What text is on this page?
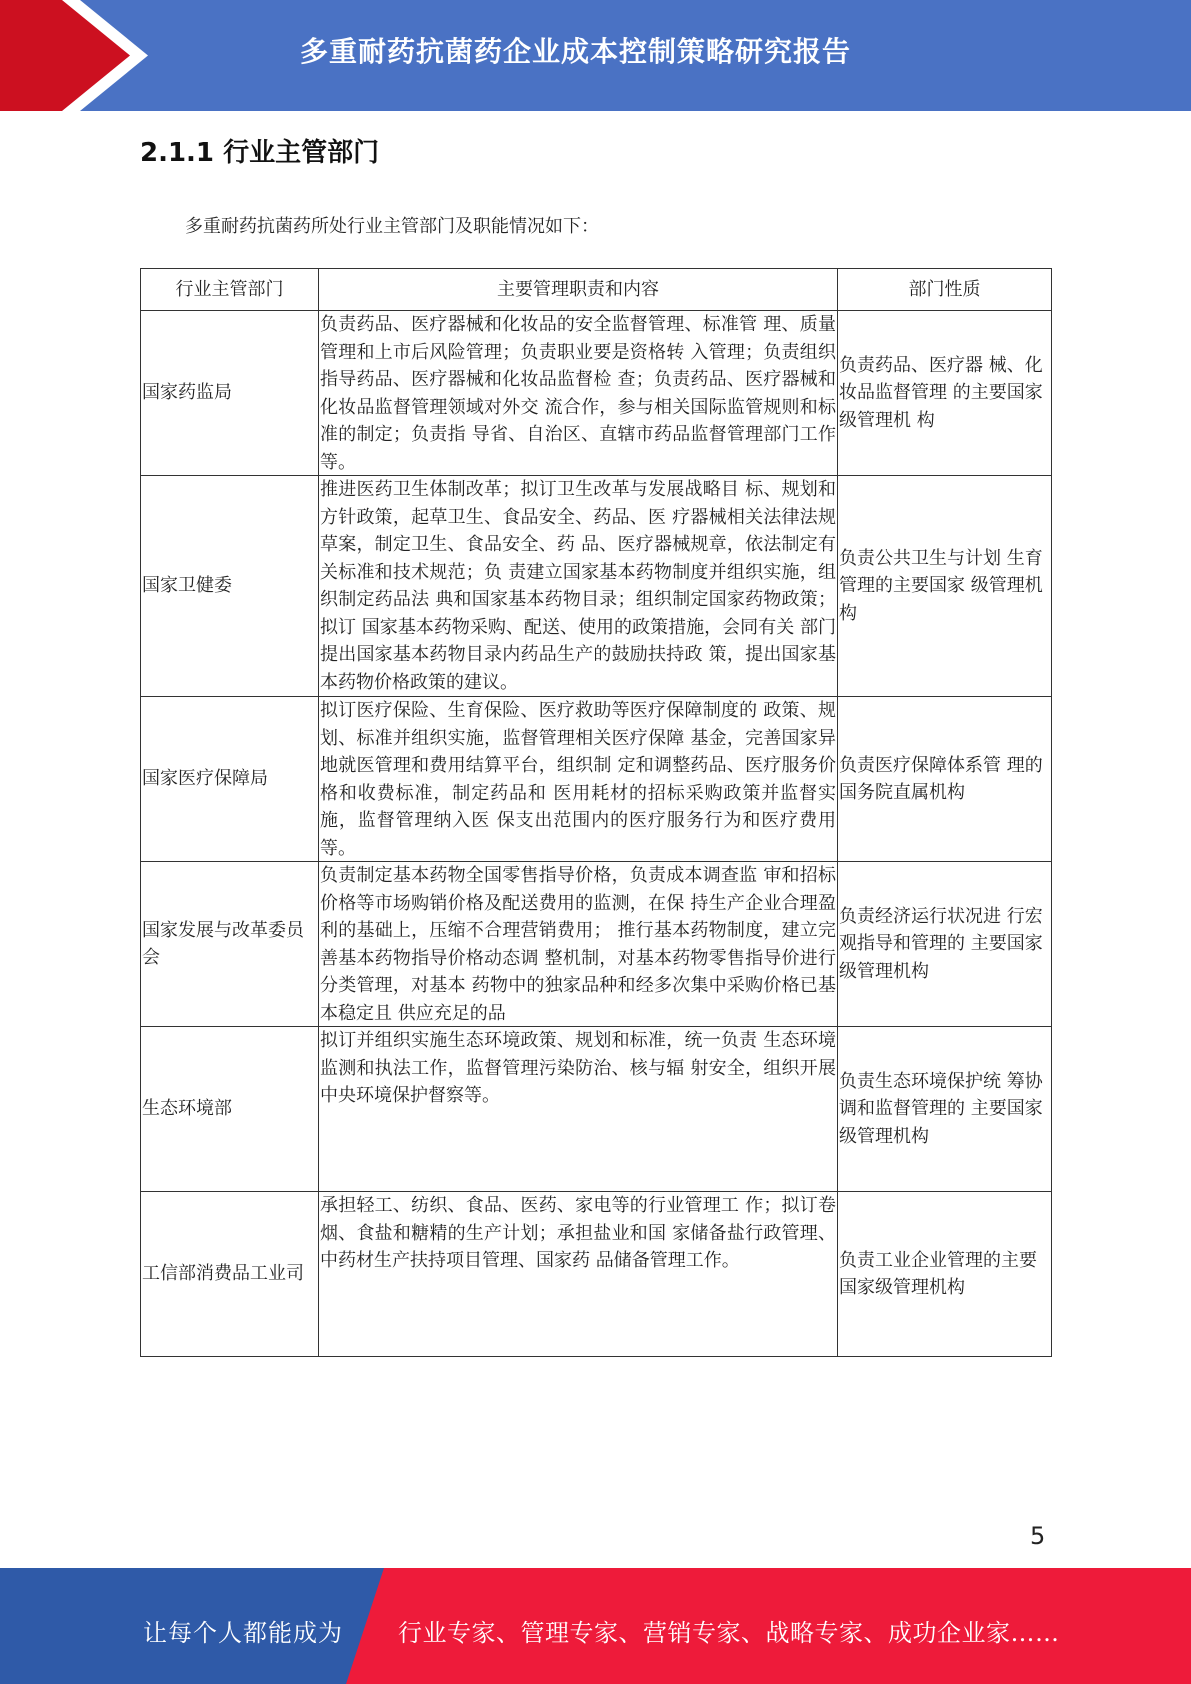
多重耐药抗菌药企业成本控制策略研究报告
2.1.1 行业主管部门
多重耐药抗菌药所处行业主管部门及职能情况如下：
行业主管部门	主要管理职责和内容	部门性质
国家药监局	负责药品、医疗器械和化妆品的安全监督管理、标准管 理、质量管理和上市后风险管理；负责职业要是资格转 入管理；负责组织指导药品、医疗器械和化妆品监督检 查；负责药品、医疗器械和化妆品监督管理领域对外交 流合作，参与相关国际监管规则和标准的制定；负责指 导省、自治区、直辖市药品监督管理部门工作等。	负责药品、医疗器 械、化妆品监督管理 的主要国家级管理机 构
国家卫健委	推进医药卫生体制改革；拟订卫生改革与发展战略目 标、规划和方针政策，起草卫生、食品安全、药品、医 疗器械相关法律法规草案，制定卫生、食品安全、药 品、医疗器械规章，依法制定有关标准和技术规范；负 责建立国家基本药物制度并组织实施，组织制定药品法 典和国家基本药物目录；组织制定国家药物政策；拟订 国家基本药物采购、配送、使用的政策措施，会同有关 部门提出国家基本药物目录内药品生产的鼓励扶持政 策，提出国家基本药物价格政策的建议。	负责公共卫生与计划 生育管理的主要国家 级管理机构
国家医疗保障局	拟订医疗保险、生育保险、医疗救助等医疗保障制度的 政策、规划、标准并组织实施，监督管理相关医疗保障 基金，完善国家异地就医管理和费用结算平台，组织制 定和调整药品、医疗服务价格和收费标准，制定药品和 医用耗材的招标采购政策并监督实施，监督管理纳入医 保支出范围内的医疗服务行为和医疗费用等。	负责医疗保障体系管 理的国务院直属机构
国家发展与改革委员会	负责制定基本药物全国零售指导价格，负责成本调查监 审和招标价格等市场购销价格及配送费用的监测，在保 持生产企业合理盈利的基础上，压缩不合理营销费用； 推行基本药物制度，建立完善基本药物指导价格动态调 整机制，对基本药物零售指导价进行分类管理，对基本 药物中的独家品种和经多次集中采购价格已基本稳定且 供应充足的品	负责经济运行状况进 行宏观指导和管理的 主要国家级管理机构
生态环境部	拟订并组织实施生态环境政策、规划和标准，统一负责 生态环境监测和执法工作，监督管理污染防治、核与辐 射安全，组织开展中央环境保护督察等。	负责生态环境保护统 筹协调和监督管理的 主要国家级管理机构
工信部消费品工业司	承担轻工、纺织、食品、医药、家电等的行业管理工 作；拟订卷烟、食盐和糖精的生产计划；承担盐业和国 家储备盐行政管理、中药材生产扶持项目管理、国家药 品储备管理工作。	负责工业企业管理的主要国家级管理机构
5
让每个人都能成为 行业专家、管理专家、营销专家、战略专家、成功企业家……
